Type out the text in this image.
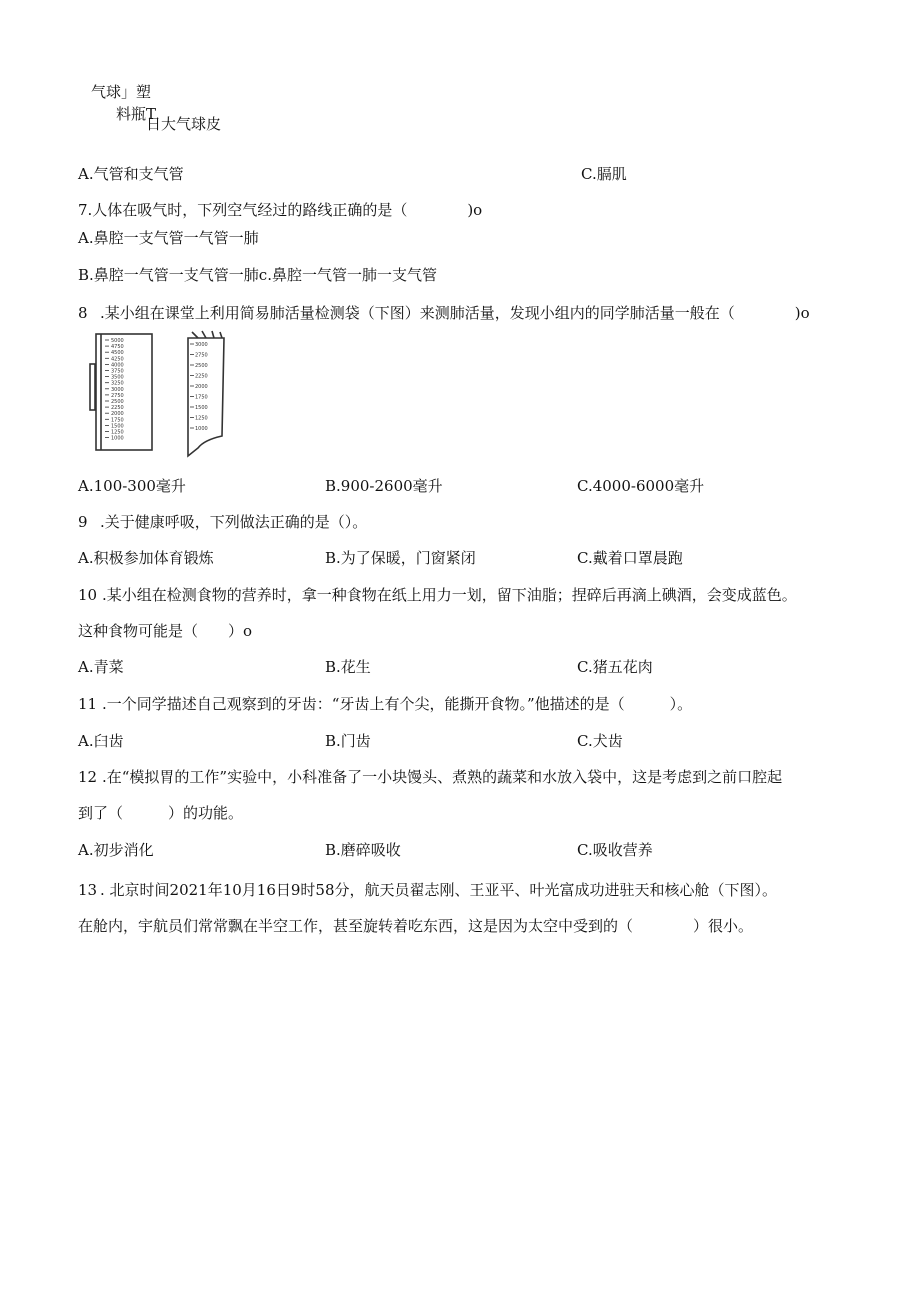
气球」塑
料瓶T
日大气球皮
A.气管和支气管	C.膈肌
7.人体在吸气时，下列空气经过的路线正确的是（　　　　)o
A.鼻腔一支气管一气管一肺
B.鼻腔一气管一支气管一肺c.鼻腔一气管一肺一支气管
8 .某小组在课堂上利用简易肺活量检测袋（下图）来测肺活量，发现小组内的同学肺活量一般在（　　　　)o
5000
4750
4500
4250
4000
3750
3500
3250
3000
2750
2500
2250
2000
1750
1500
1250
1000
3000
2750
2500
2250
2000
1750
1500
1250
1000
A.100-300毫升	B.900-2600毫升	C.4000-6000毫升
9 .关于健康呼吸，下列做法正确的是（）。
A.积极参加体育锻炼	B.为了保暖，门窗紧闭	C.戴着口罩晨跑
10 .某小组在检测食物的营养时，拿一种食物在纸上用力一划，留下油脂；捏碎后再滴上碘酒，会变成蓝色。
这种食物可能是（　　）o
A.青菜	B.花生	C.猪五花肉
11 .一个同学描述自己观察到的牙齿：“牙齿上有个尖，能撕开食物。”他描述的是（　　　）。
A.臼齿	B.门齿	C.犬齿
12 .在“模拟胃的工作”实验中，小科准备了一小块馒头、煮熟的蔬菜和水放入袋中，这是考虑到之前口腔起
到了（　　　）的功能。
A.初步消化	B.磨碎吸收	C.吸收营养
13 . 北京时间2021年10月16日9时58分，航天员翟志刚、王亚平、叶光富成功进驻天和核心舱（下图）。
在舱内，宇航员们常常飘在半空工作，甚至旋转着吃东西，这是因为太空中受到的（　　　　）很小。
